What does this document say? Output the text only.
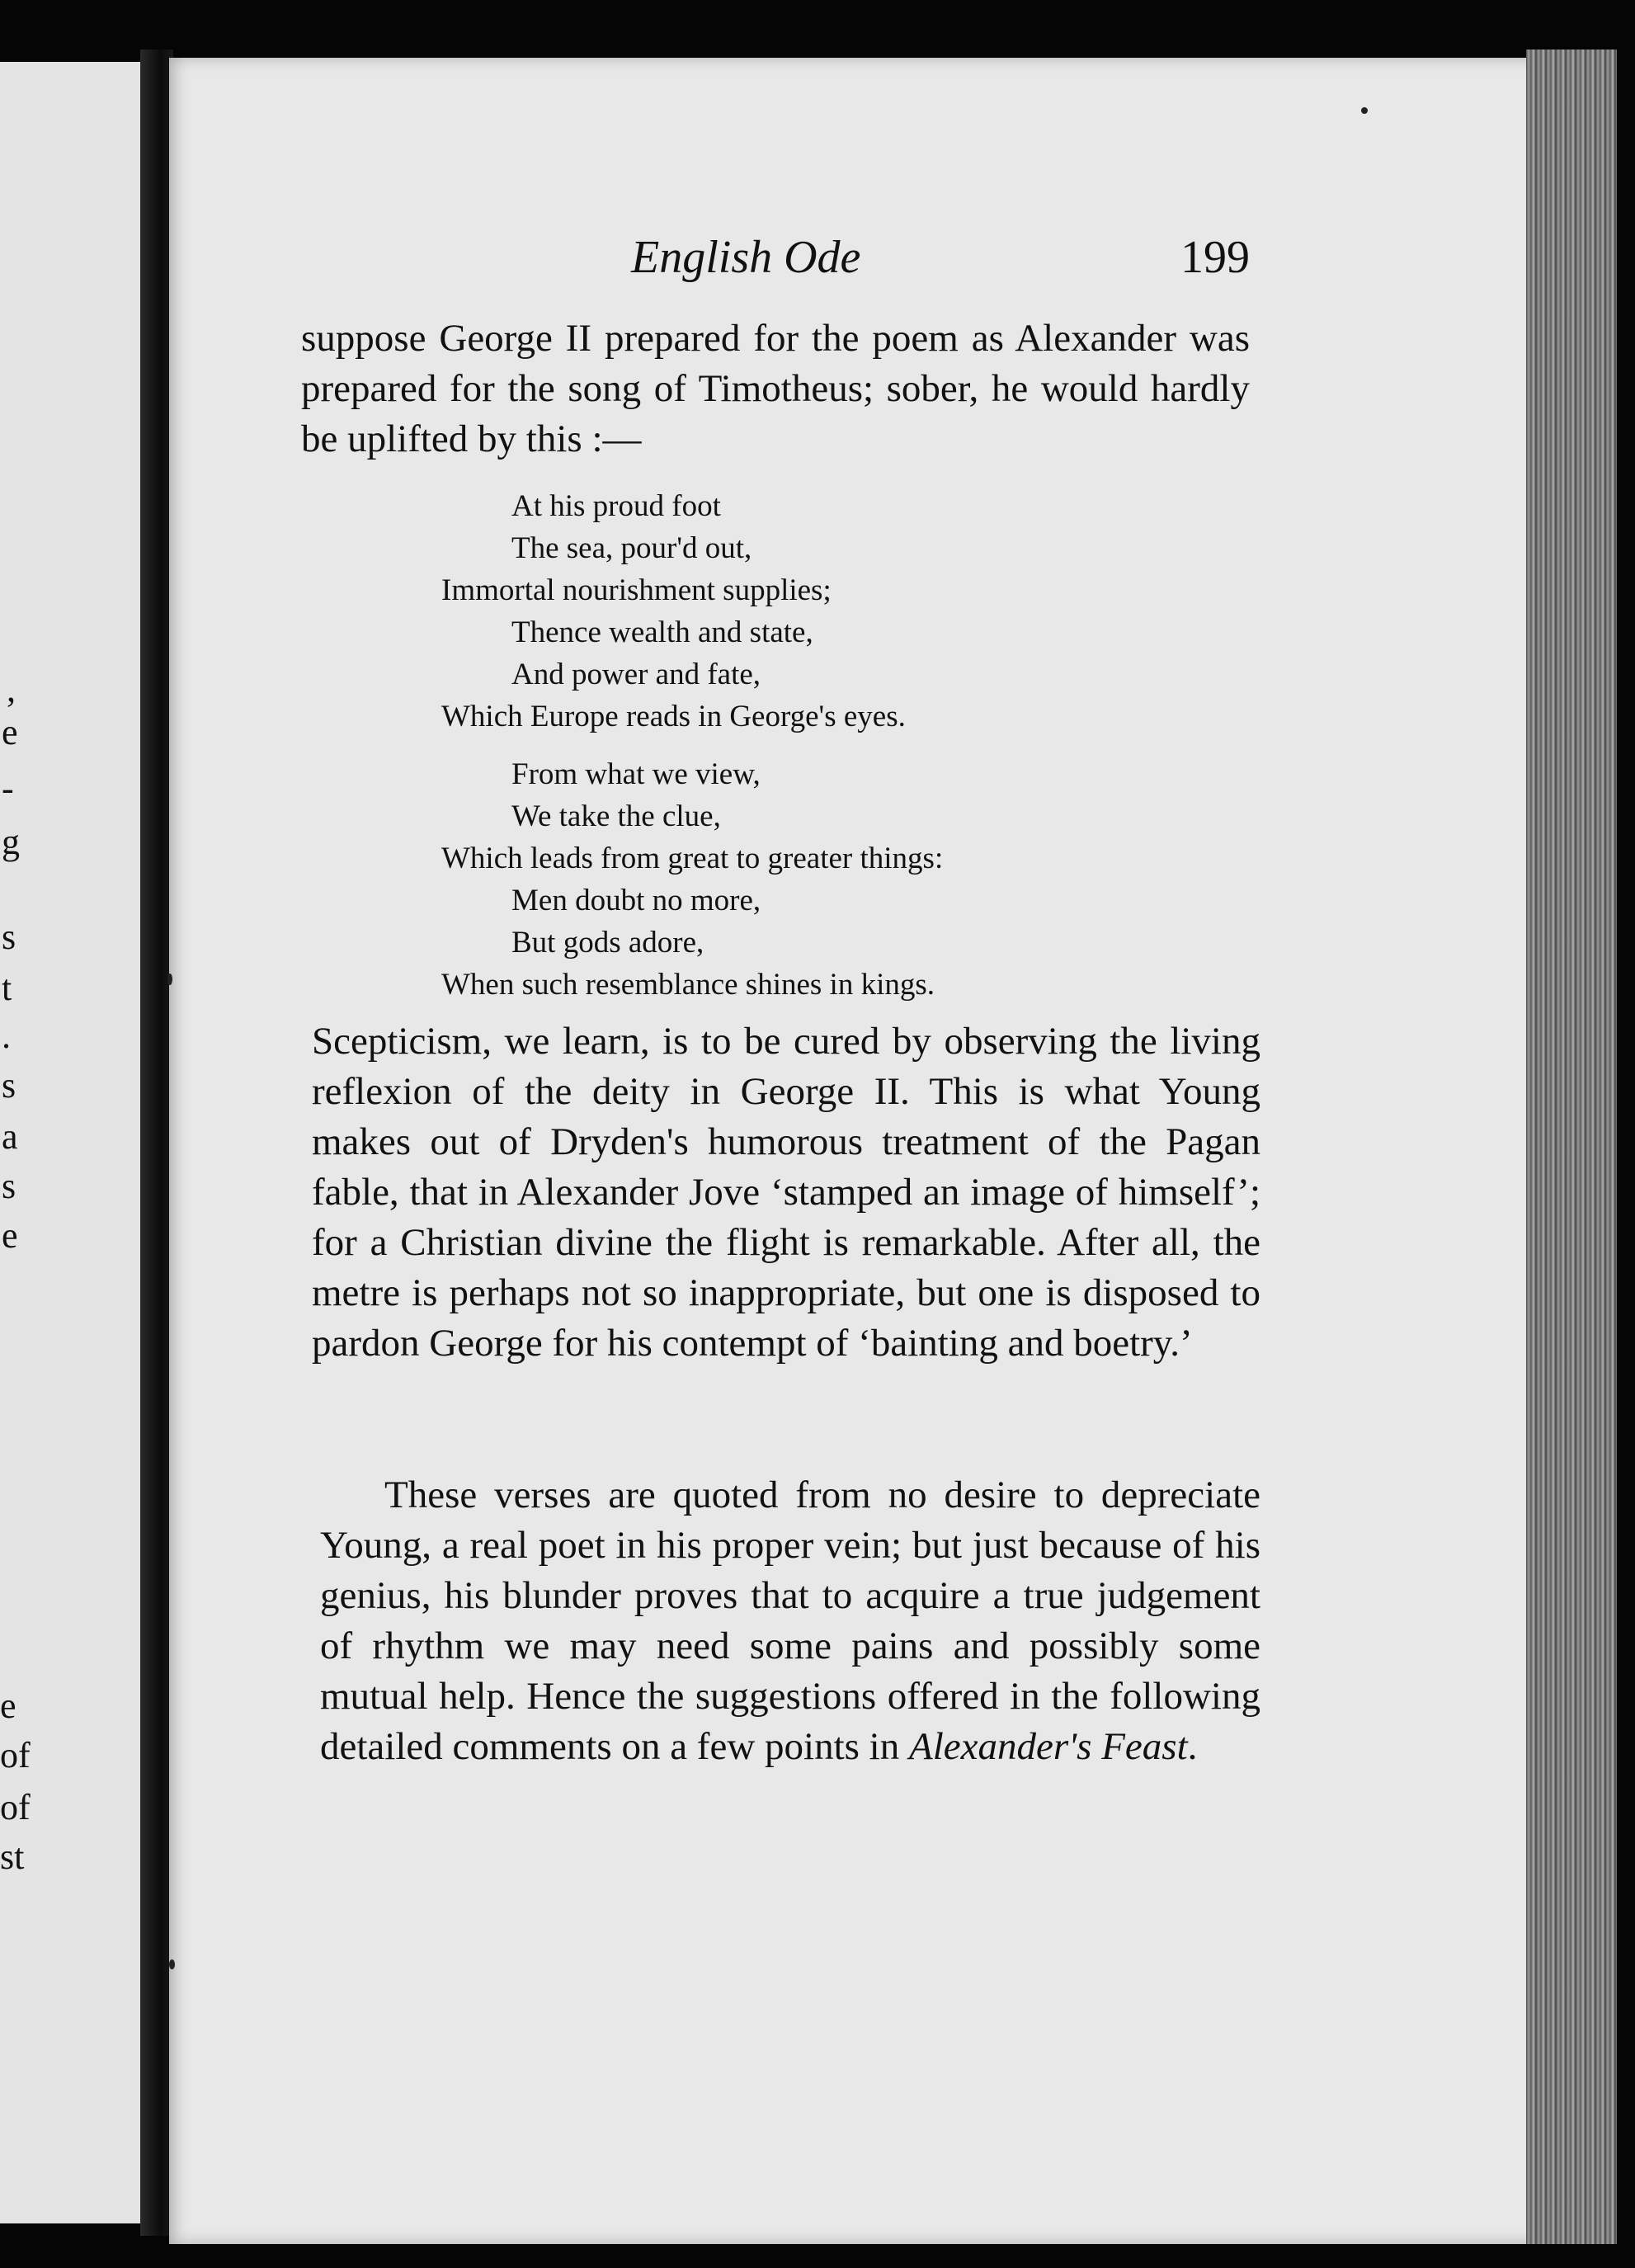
,
e
-
g
s
t
.
s
a
s
e
e
of
of
st
English Ode	199

suppose George II prepared for the poem as Alexander was prepared for the song of Timotheus; sober, he would hardly be uplifted by this :—

At his proud foot
The sea, pour'd out,
Immortal nourishment supplies;
Thence wealth and state,
And power and fate,
Which Europe reads in George's eyes.
From what we view,
We take the clue,
Which leads from great to greater things:
Men doubt no more,
But gods adore,
When such resemblance shines in kings.

Scepticism, we learn, is to be cured by observing the living reflexion of the deity in George II. This is what Young makes out of Dryden's humorous treatment of the Pagan fable, that in Alexander Jove ‘stamped an image of himself’; for a Christian divine the flight is remarkable. After all, the metre is perhaps not so inappropriate, but one is disposed to pardon George for his contempt of ‘bainting and boetry.’

These verses are quoted from no desire to depreciate Young, a real poet in his proper vein; but just because of his genius, his blunder proves that to acquire a true judgement of rhythm we may need some pains and possibly some mutual help. Hence the suggestions offered in the following detailed comments on a few points in Alexander's Feast.
